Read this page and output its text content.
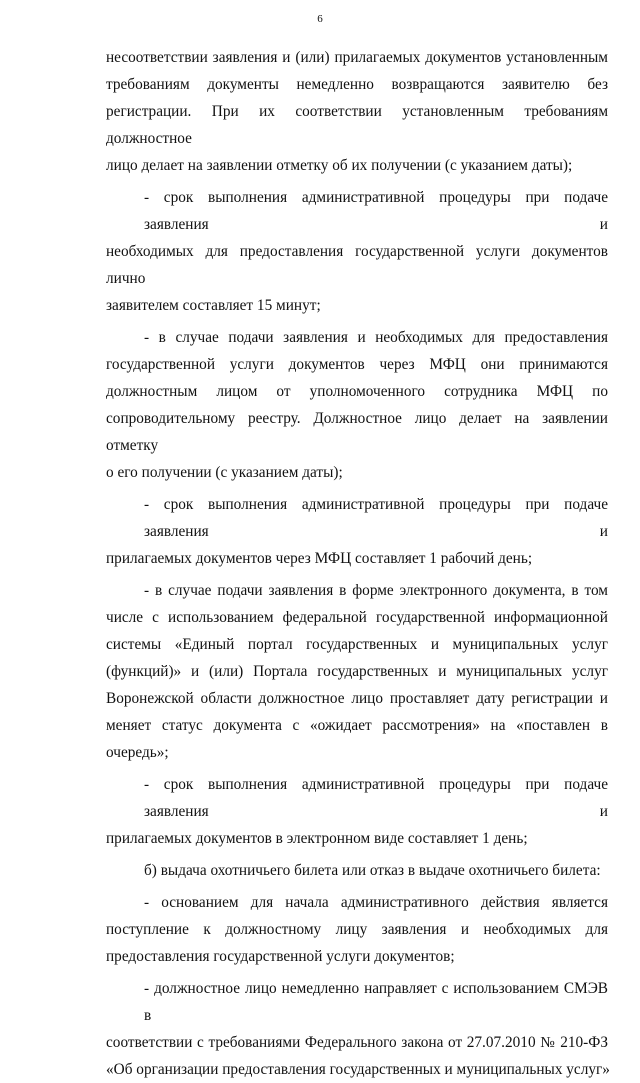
6
несоответствии заявления и (или) прилагаемых документов установленным
требованиям документы немедленно возвращаются заявителю без
регистрации. При их соответствии установленным требованиям должностное
лицо делает на заявлении отметку об их получении (с указанием даты);
- срок выполнения административной процедуры при подаче заявления и
необходимых для предоставления государственной услуги документов лично
заявителем составляет 15 минут;
- в случае подачи заявления и необходимых для предоставления
государственной услуги документов через МФЦ они принимаются
должностным лицом от уполномоченного сотрудника МФЦ по
сопроводительному реестру. Должностное лицо делает на заявлении отметку
о его получении (с указанием даты);
- срок выполнения административной процедуры при подаче заявления и
прилагаемых документов через МФЦ составляет 1 рабочий день;
- в случае подачи заявления в форме электронного документа, в том
числе с использованием федеральной государственной информационной
системы «Единый портал государственных и муниципальных услуг
(функций)» и (или) Портала государственных и муниципальных услуг
Воронежской области должностное лицо проставляет дату регистрации и
меняет статус документа с «ожидает рассмотрения» на «поставлен в
очередь»;
- срок выполнения административной процедуры при подаче заявления и
прилагаемых документов в электронном виде составляет 1 день;
б) выдача охотничьего билета или отказ в выдаче охотничьего билета:
- основанием для начала административного действия является
поступление к должностному лицу заявления и необходимых для
предоставления государственной услуги документов;
- должностное лицо немедленно направляет с использованием СМЭВ в
соответствии с требованиями Федерального закона от 27.07.2010 № 210-ФЗ
«Об организации предоставления государственных и муниципальных услуг»
